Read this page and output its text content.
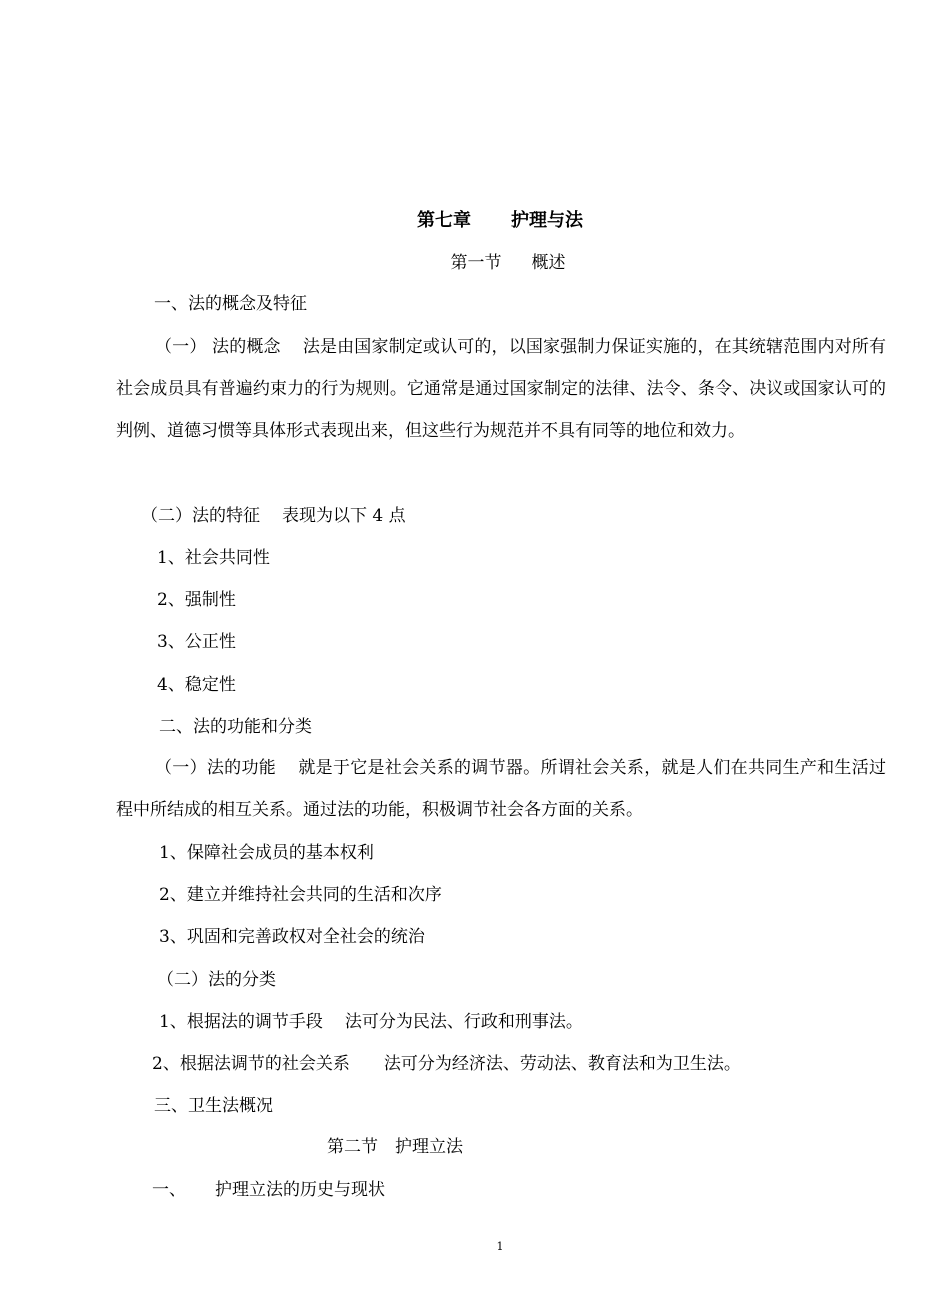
第七章 护理与法
第一节 概述
一、法的概念及特征
（一） 法的概念 法是由国家制定或认可的，以国家强制力保证实施的，在其统辖范围内对所有社会成员具有普遍约束力的行为规则。它通常是通过国家制定的法律、法令、条令、决议或国家认可的判例、道德习惯等具体形式表现出来，但这些行为规范并不具有同等的地位和效力。
（二）法的特征 表现为以下 4 点
1、社会共同性
2、强制性
3、公正性
4、稳定性
二、法的功能和分类
（一）法的功能 就是于它是社会关系的调节器。所谓社会关系，就是人们在共同生产和生活过程中所结成的相互关系。通过法的功能，积极调节社会各方面的关系。
1、保障社会成员的基本权利
2、建立并维持社会共同的生活和次序
3、巩固和完善政权对全社会的统治
（二）法的分类
1、根据法的调节手段 法可分为民法、行政和刑事法。
2、根据法调节的社会关系 法可分为经济法、劳动法、教育法和为卫生法。
三、卫生法概况
第二节 护理立法
一、 护理立法的历史与现状
1
